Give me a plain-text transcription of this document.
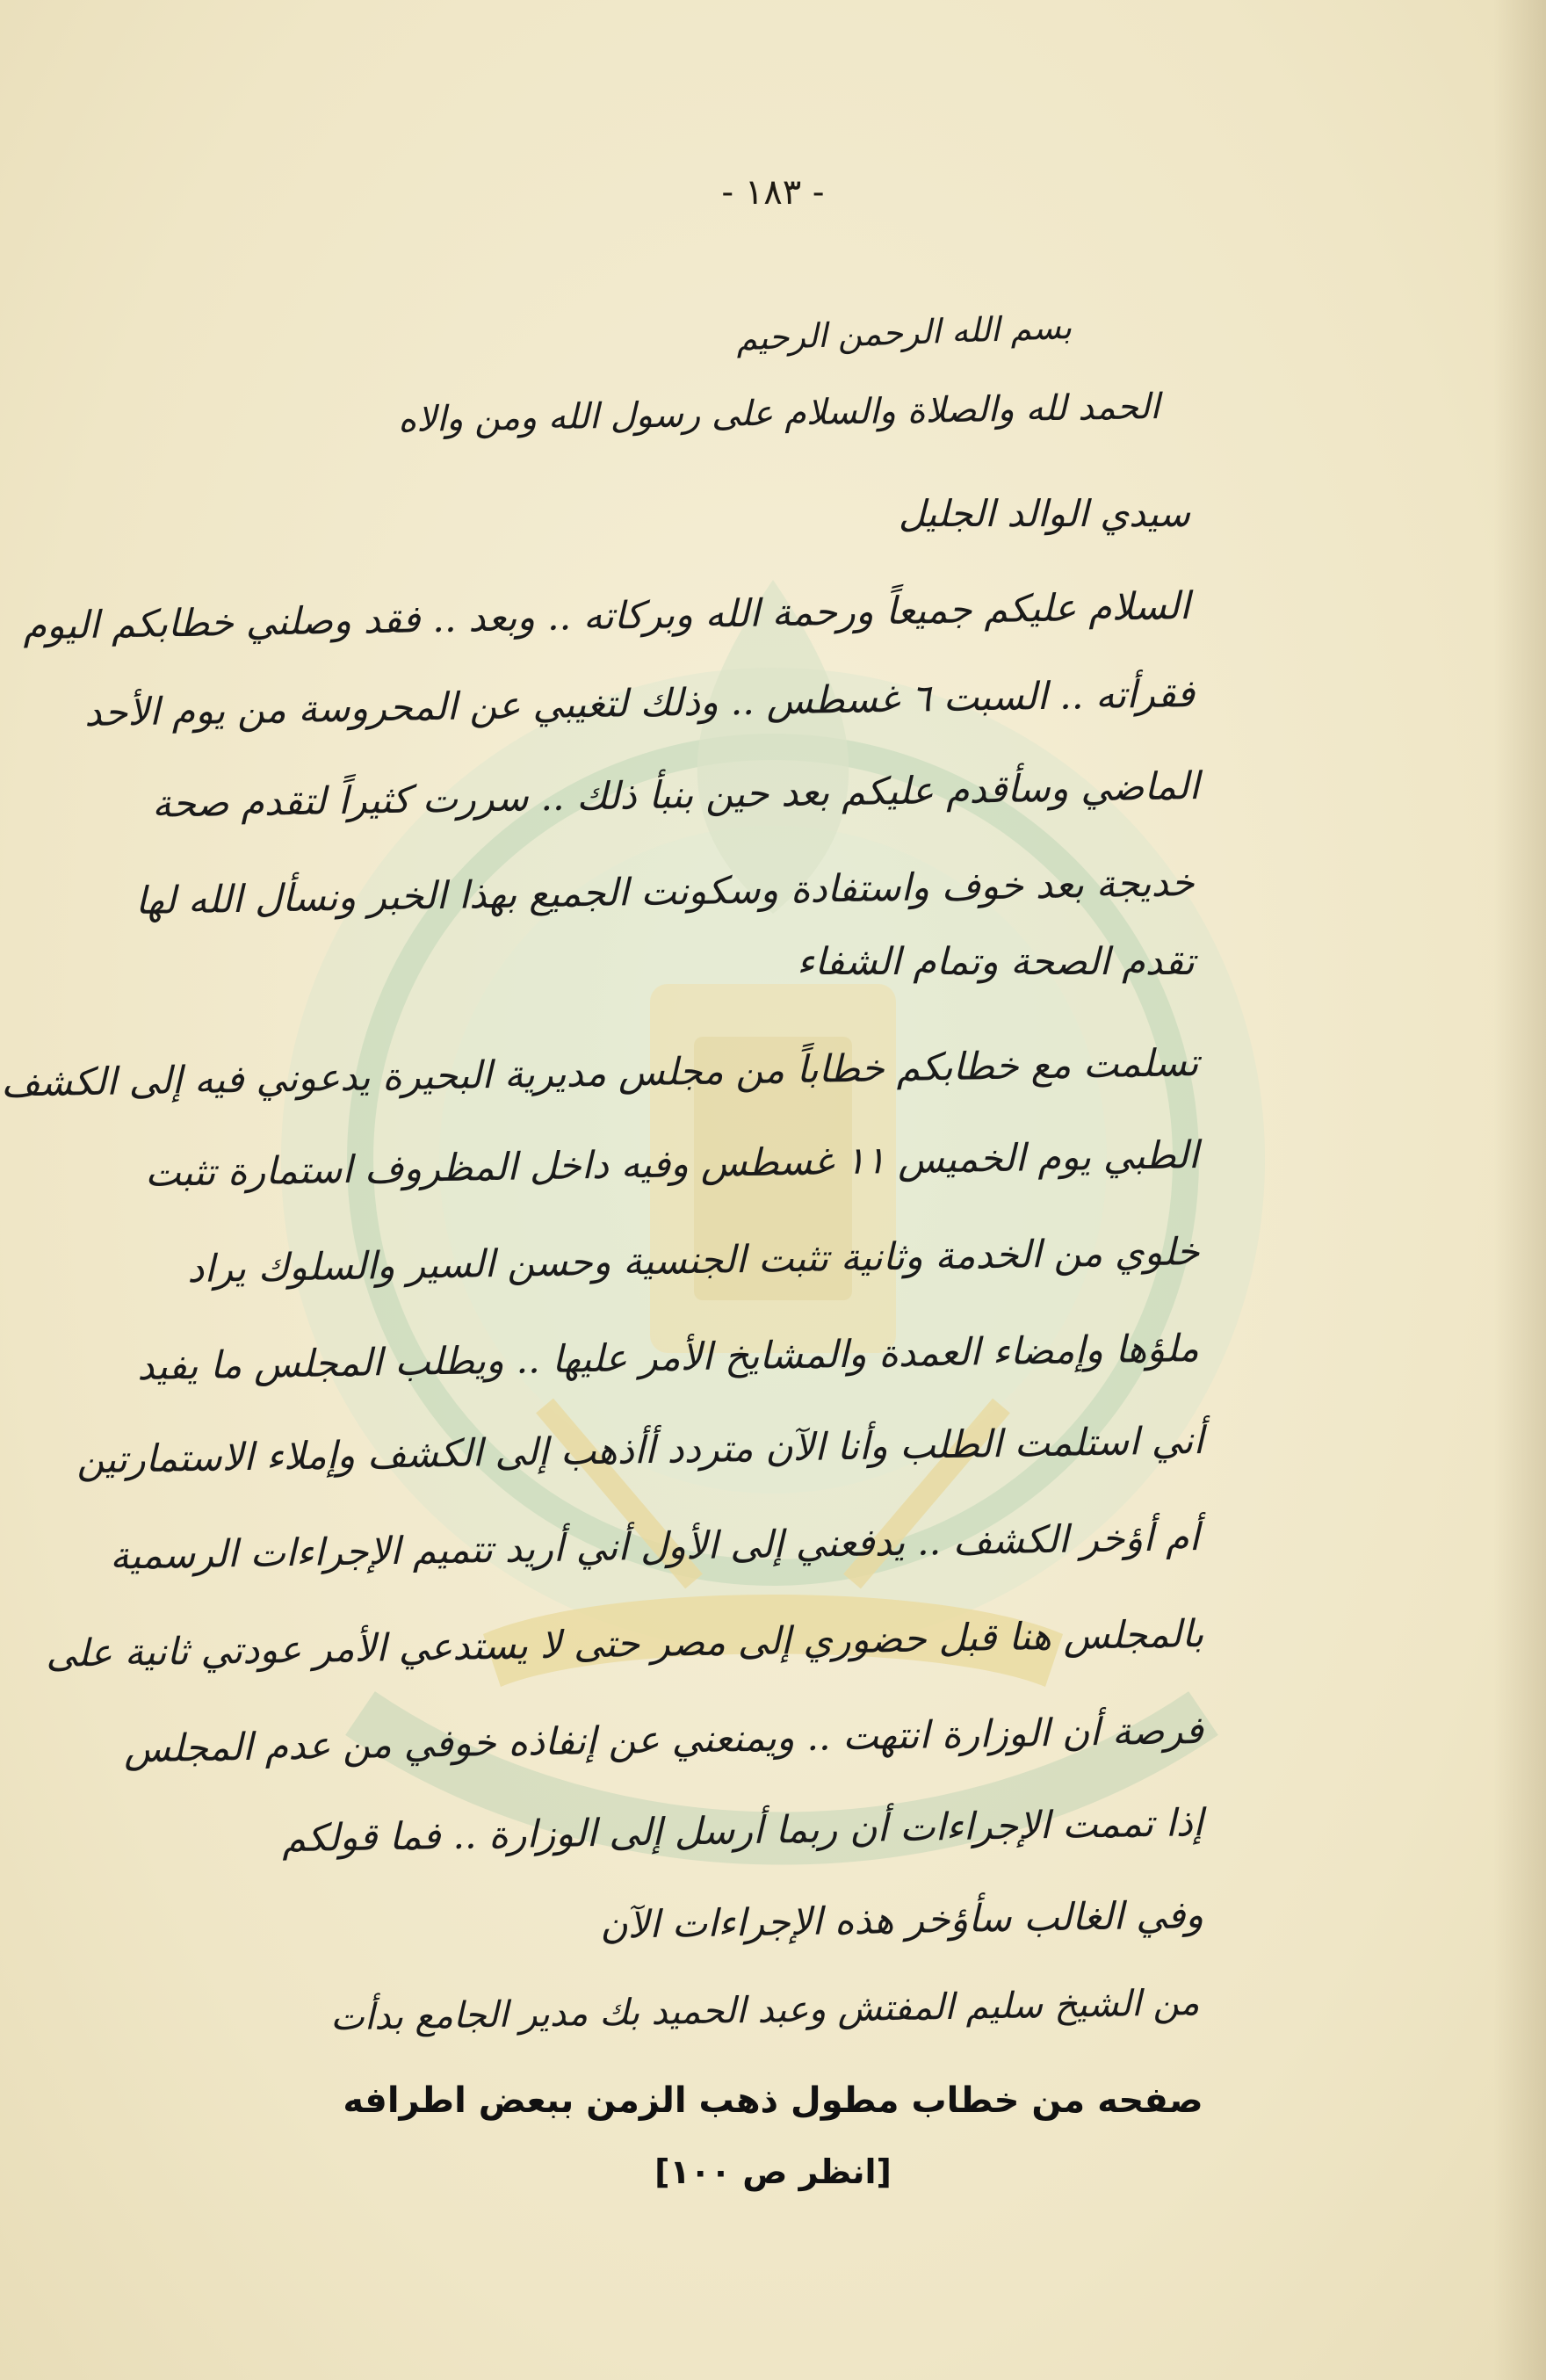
- ١٨٣ -
بسم الله الرحمن الرحيم
الحمد لله والصلاة والسلام على رسول الله ومن والاه
سيدي الوالد الجليل
السلام عليكم جميعاً ورحمة الله وبركاته .. وبعد .. فقد وصلني خطابكم اليوم
فقرأته .. السبت ٦ غسطس .. وذلك لتغيبي عن المحروسة من يوم الأحد
الماضي وسأقدم عليكم بعد حين بنبأ ذلك .. سررت كثيراً لتقدم صحة
خديجة بعد خوف واستفادة وسكونت الجميع بهذا الخبر ونسأل الله لها
تقدم الصحة وتمام الشفاء
تسلمت مع خطابكم خطاباً من مجلس مديرية البحيرة يدعوني فيه إلى الكشف
الطبي يوم الخميس ١١ غسطس وفيه داخل المظروف استمارة تثبت
خلوي من الخدمة وثانية تثبت الجنسية وحسن السير والسلوك يراد
ملؤها وإمضاء العمدة والمشايخ الأمر عليها .. ويطلب المجلس ما يفيد
أني استلمت الطلب وأنا الآن متردد أأذهب إلى الكشف وإملاء الاستمارتين
أم أؤخر الكشف .. يدفعني إلى الأول أني أريد تتميم الإجراءات الرسمية
بالمجلس هنا قبل حضوري إلى مصر حتى لا يستدعي الأمر عودتي ثانية على
فرصة أن الوزارة انتهت .. ويمنعني عن إنفاذه خوفي من عدم المجلس
إذا تممت الإجراءات أن ربما أرسل إلى الوزارة .. فما قولكم
وفي الغالب سأؤخر هذه الإجراءات الآن
من الشيخ سليم المفتش وعبد الحميد بك مدير الجامع بدأت
صفحه من خطاب مطول ذهب الزمن ببعض اطرافه
[انظر ص ١٠٠]
